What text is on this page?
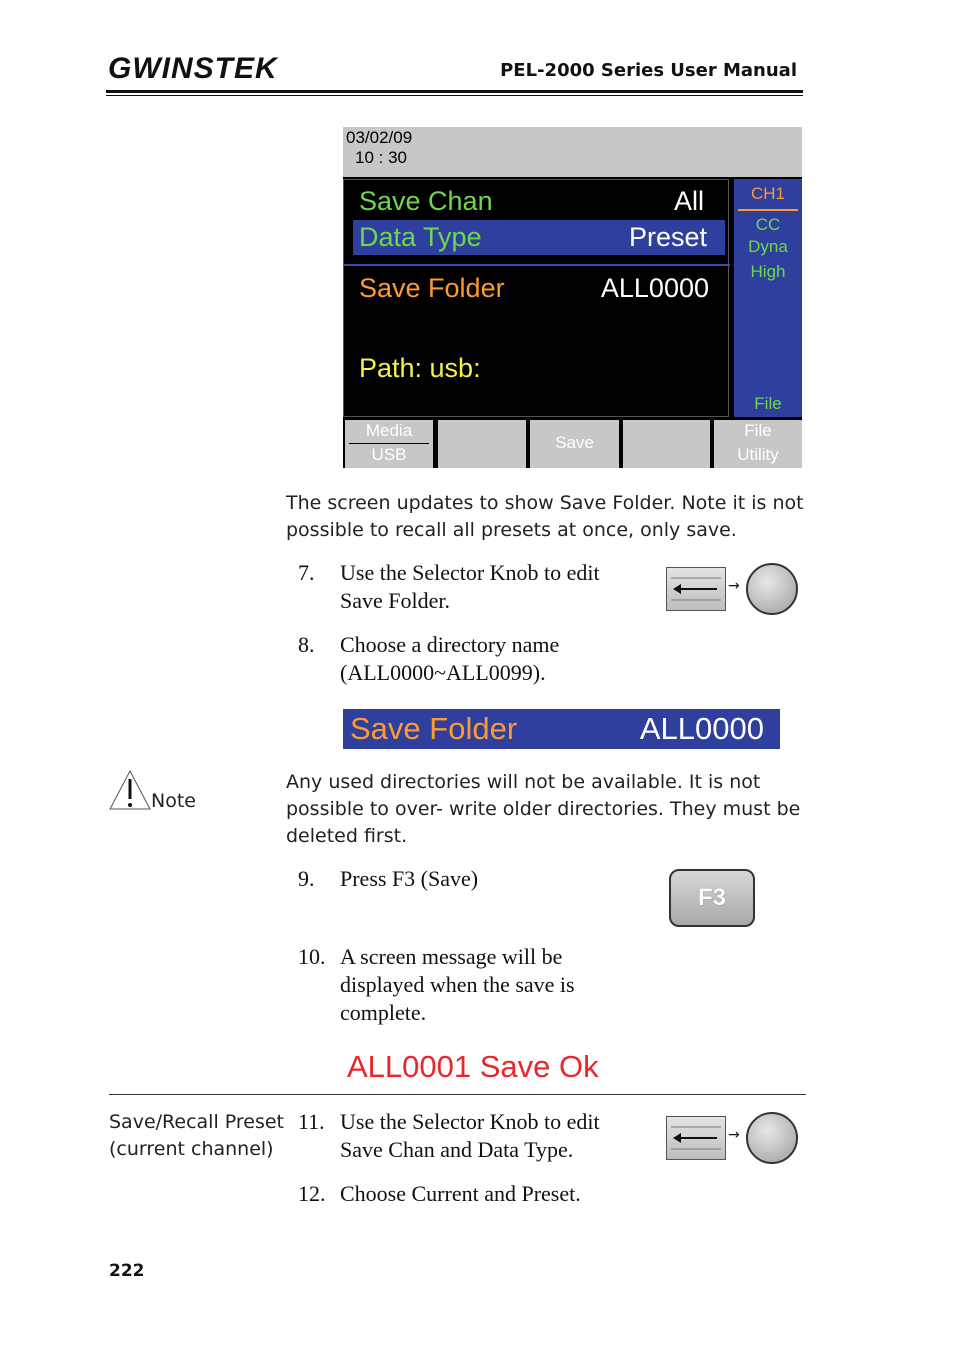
GWINSTEK	PEL-2000 Series User Manual
03/02/09
10 : 30
Save Chan	All
Data Type	Preset
Save Folder	ALL0000
Path: usb:
CH1
CC
Dyna
High
File
Media
USB
Save
File
Utility
The screen updates to show Save Folder. Note it is not possible to recall all presets at once, only save.
7. Use the Selector Knob to edit
Save Folder.
→
8. Choose a directory name
(ALL0000~ALL0099).
Save Folder	ALL0000
Note
Any used directories will not be available. It is not
possible to over- write older directories. They must be
deleted first.
9. Press F3 (Save)
F3
10. A screen message will be
displayed when the save is
complete.
ALL0001 Save Ok
Save/Recall Preset
(current channel)
11. Use the Selector Knob to edit
Save Chan and Data Type.
→
12. Choose Current and Preset.
222
